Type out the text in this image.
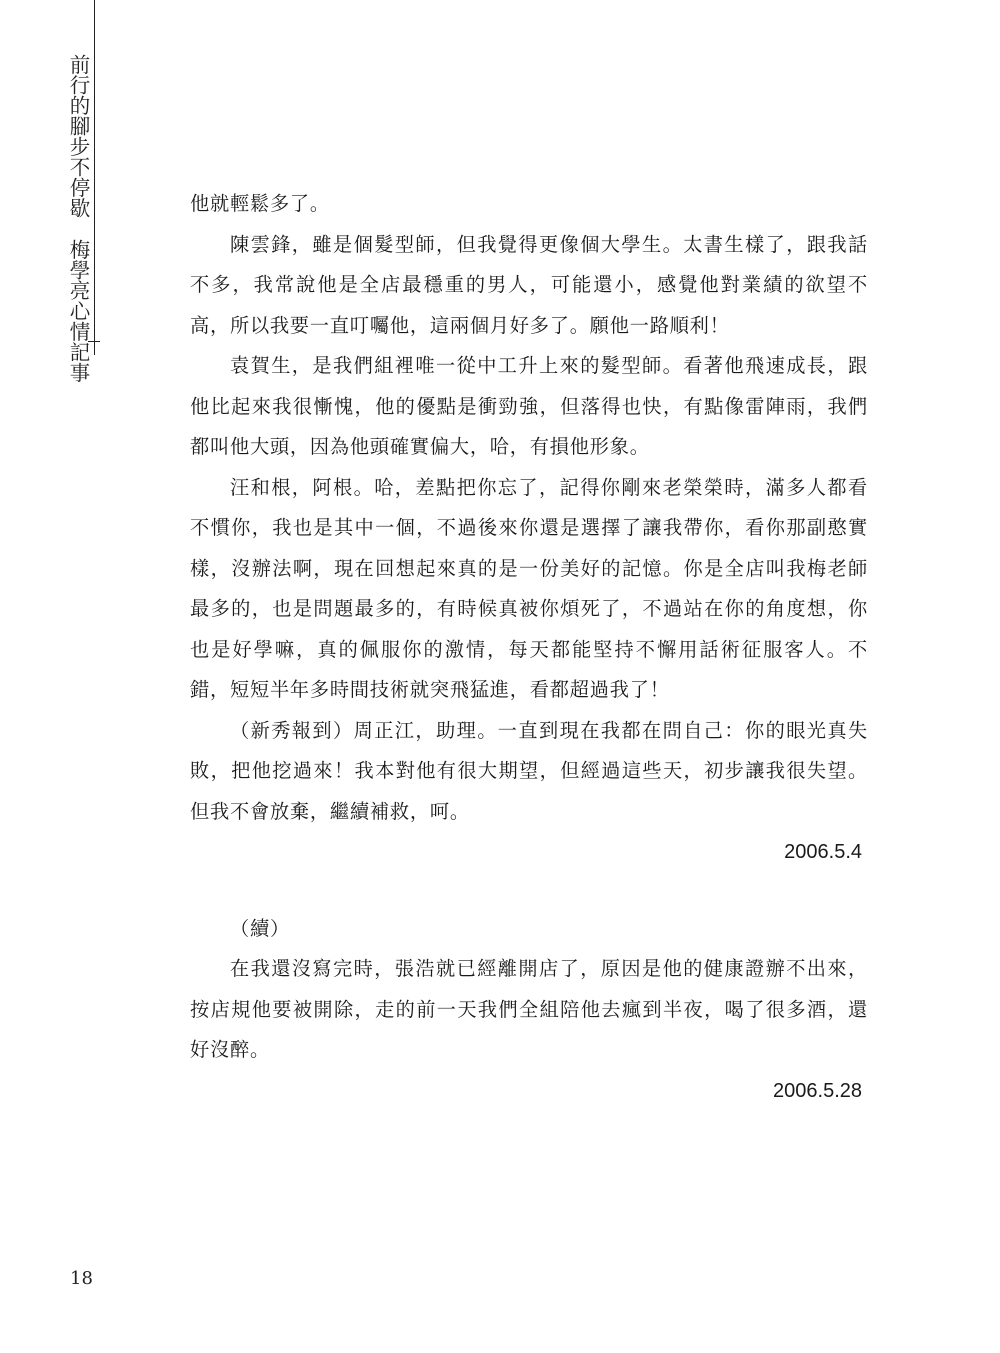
前行的腳步不停歇  梅學亮心情記事

他就輕鬆多了。

陳雲鋒，雖是個髮型師，但我覺得更像個大學生。太書生樣了，跟我話不多，我常說他是全店最穩重的男人，可能還小，感覺他對業績的欲望不高，所以我要一直叮囑他，這兩個月好多了。願他一路順利！

袁賀生，是我們組裡唯一從中工升上來的髮型師。看著他飛速成長，跟他比起來我很慚愧，他的優點是衝勁強，但落得也快，有點像雷陣雨，我們都叫他大頭，因為他頭確實偏大，哈，有損他形象。

汪和根，阿根。哈，差點把你忘了，記得你剛來老榮榮時，滿多人都看不慣你，我也是其中一個，不過後來你還是選擇了讓我帶你，看你那副憨實樣，沒辦法啊，現在回想起來真的是一份美好的記憶。你是全店叫我梅老師最多的，也是問題最多的，有時候真被你煩死了，不過站在你的角度想，你也是好學嘛，真的佩服你的激情，每天都能堅持不懈用話術征服客人。不錯，短短半年多時間技術就突飛猛進，看都超過我了！

（新秀報到）周正江，助理。一直到現在我都在問自己：你的眼光真失敗，把他挖過來！我本對他有很大期望，但經過這些天，初步讓我很失望。但我不會放棄，繼續補救，呵。

2006.5.4

（續）

在我還沒寫完時，張浩就已經離開店了，原因是他的健康證辦不出來，按店規他要被開除，走的前一天我們全組陪他去瘋到半夜，喝了很多酒，還好沒醉。

2006.5.28

18
